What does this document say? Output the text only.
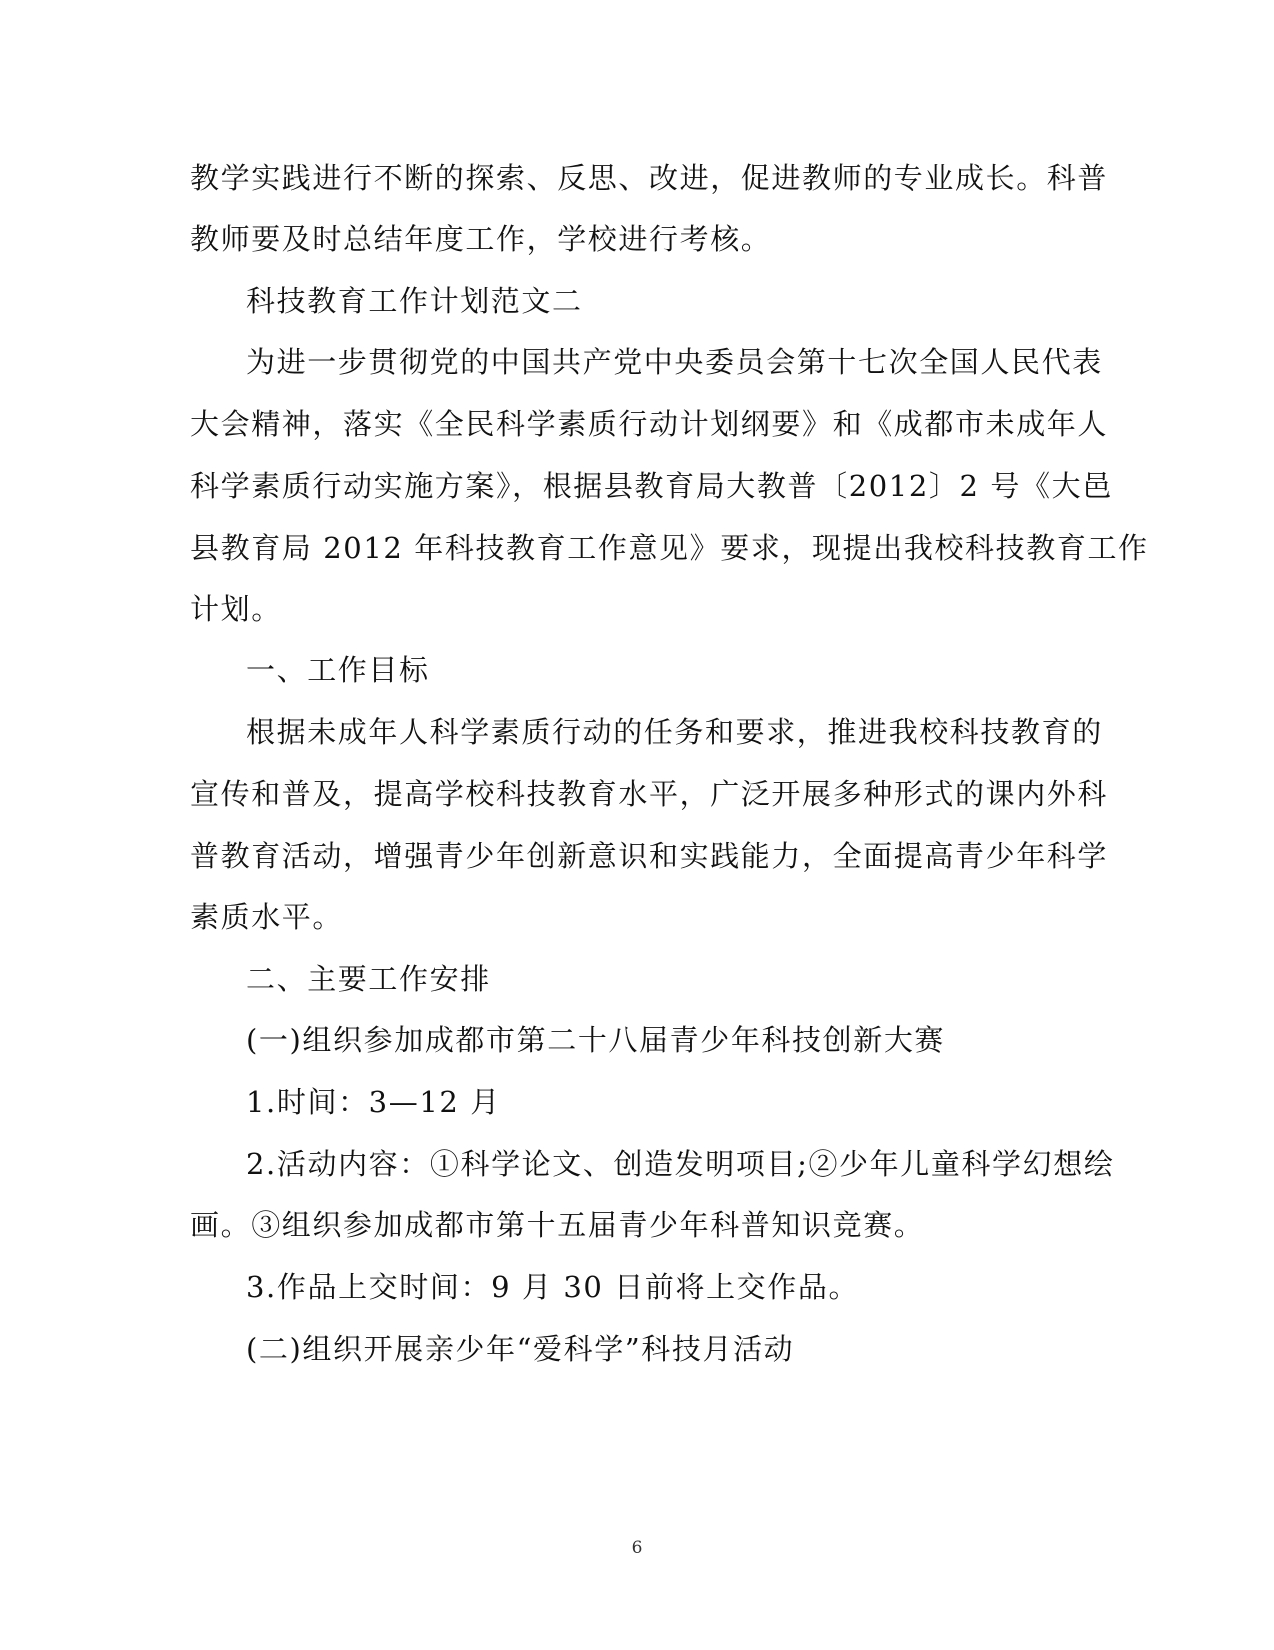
教学实践进行不断的探索、反思、改进，促进教师的专业成长。科普
教师要及时总结年度工作，学校进行考核。
科技教育工作计划范文二
为进一步贯彻党的中国共产党中央委员会第十七次全国人民代表
大会精神，落实《全民科学素质行动计划纲要》和《成都市未成年人
科学素质行动实施方案》，根据县教育局大教普〔2012〕2 号《大邑
县教育局 2012 年科技教育工作意见》要求，现提出我校科技教育工作
计划。
一、工作目标
根据未成年人科学素质行动的任务和要求，推进我校科技教育的
宣传和普及，提高学校科技教育水平，广泛开展多种形式的课内外科
普教育活动，增强青少年创新意识和实践能力，全面提高青少年科学
素质水平。
二、主要工作安排
(一)组织参加成都市第二十八届青少年科技创新大赛
1.时间：3—12 月
2.活动内容：①科学论文、创造发明项目;②少年儿童科学幻想绘
画。③组织参加成都市第十五届青少年科普知识竞赛。
3.作品上交时间：9 月 30 日前将上交作品。
(二)组织开展亲少年“爱科学”科技月活动
6
